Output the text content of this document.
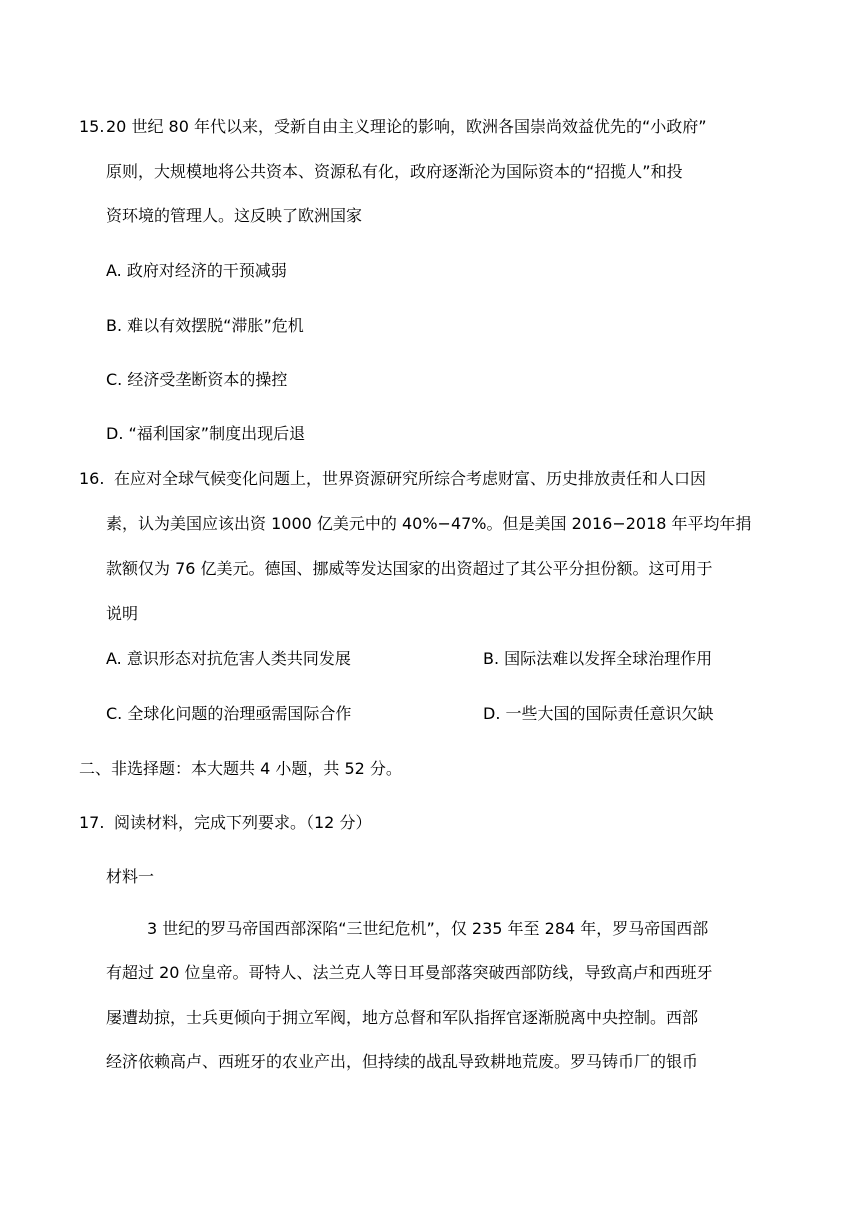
15. 20 世纪 80 年代以来，受新自由主义理论的影响，欧洲各国崇尚效益优先的“小政府”
原则，大规模地将公共资本、资源私有化，政府逐渐沦为国际资本的“招揽人”和投
资环境的管理人。这反映了欧洲国家
A. 政府对经济的干预减弱
B. 难以有效摆脱“滞胀”危机
C. 经济受垄断资本的操控
D. “福利国家”制度出现后退
16. 在应对全球气候变化问题上，世界资源研究所综合考虑财富、历史排放责任和人口因
素，认为美国应该出资 1000 亿美元中的 40%−47%。但是美国 2016−2018 年平均年捐
款额仅为 76 亿美元。德国、挪威等发达国家的出资超过了其公平分担份额。这可用于
说明
A. 意识形态对抗危害人类共同发展	B. 国际法难以发挥全球治理作用
C. 全球化问题的治理亟需国际合作	D. 一些大国的国际责任意识欠缺
二、非选择题：本大题共 4 小题，共 52 分。
17. 阅读材料，完成下列要求。（12 分）
材料一
3 世纪的罗马帝国西部深陷“三世纪危机”，仅 235 年至 284 年，罗马帝国西部
有超过 20 位皇帝。哥特人、法兰克人等日耳曼部落突破西部防线，导致高卢和西班牙
屡遭劫掠，士兵更倾向于拥立军阀，地方总督和军队指挥官逐渐脱离中央控制。西部
经济依赖高卢、西班牙的农业产出，但持续的战乱导致耕地荒废。罗马铸币厂的银币
